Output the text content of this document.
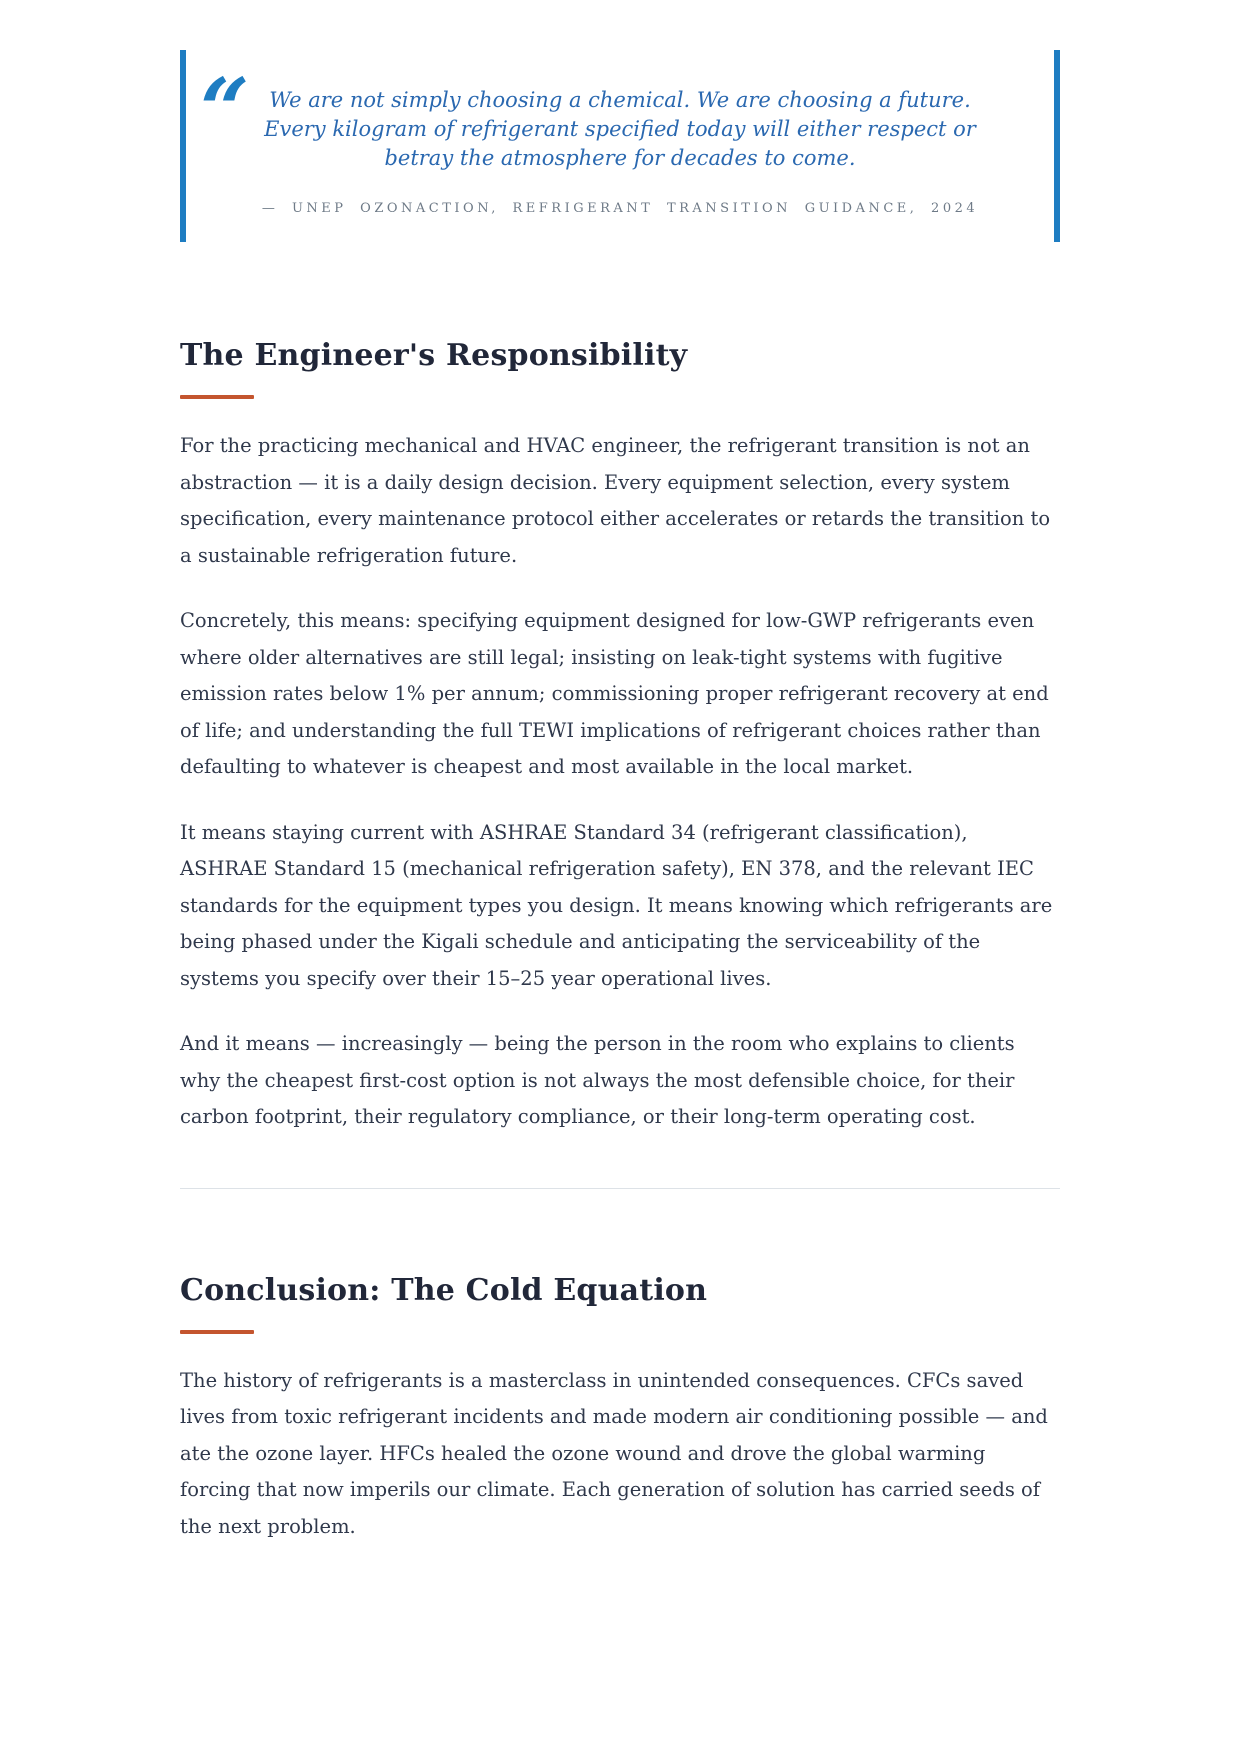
“ We are not simply choosing a chemical. We are choosing a future. Every kilogram of refrigerant specified today will either respect or betray the atmosphere for decades to come.
— UNEP OZONACTION, REFRIGERANT TRANSITION GUIDANCE, 2024
The Engineer's Responsibility

For the practicing mechanical and HVAC engineer, the refrigerant transition is not an abstraction — it is a daily design decision. Every equipment selection, every system specification, every maintenance protocol either accelerates or retards the transition to a sustainable refrigeration future.

Concretely, this means: specifying equipment designed for low-GWP refrigerants even where older alternatives are still legal; insisting on leak-tight systems with fugitive emission rates below 1% per annum; commissioning proper refrigerant recovery at end of life; and understanding the full TEWI implications of refrigerant choices rather than defaulting to whatever is cheapest and most available in the local market.

It means staying current with ASHRAE Standard 34 (refrigerant classification), ASHRAE Standard 15 (mechanical refrigeration safety), EN 378, and the relevant IEC standards for the equipment types you design. It means knowing which refrigerants are being phased under the Kigali schedule and anticipating the serviceability of the systems you specify over their 15–25 year operational lives.

And it means — increasingly — being the person in the room who explains to clients why the cheapest first-cost option is not always the most defensible choice, for their carbon footprint, their regulatory compliance, or their long-term operating cost.

Conclusion: The Cold Equation

The history of refrigerants is a masterclass in unintended consequences. CFCs saved lives from toxic refrigerant incidents and made modern air conditioning possible — and ate the ozone layer. HFCs healed the ozone wound and drove the global warming forcing that now imperils our climate. Each generation of solution has carried seeds of the next problem.
